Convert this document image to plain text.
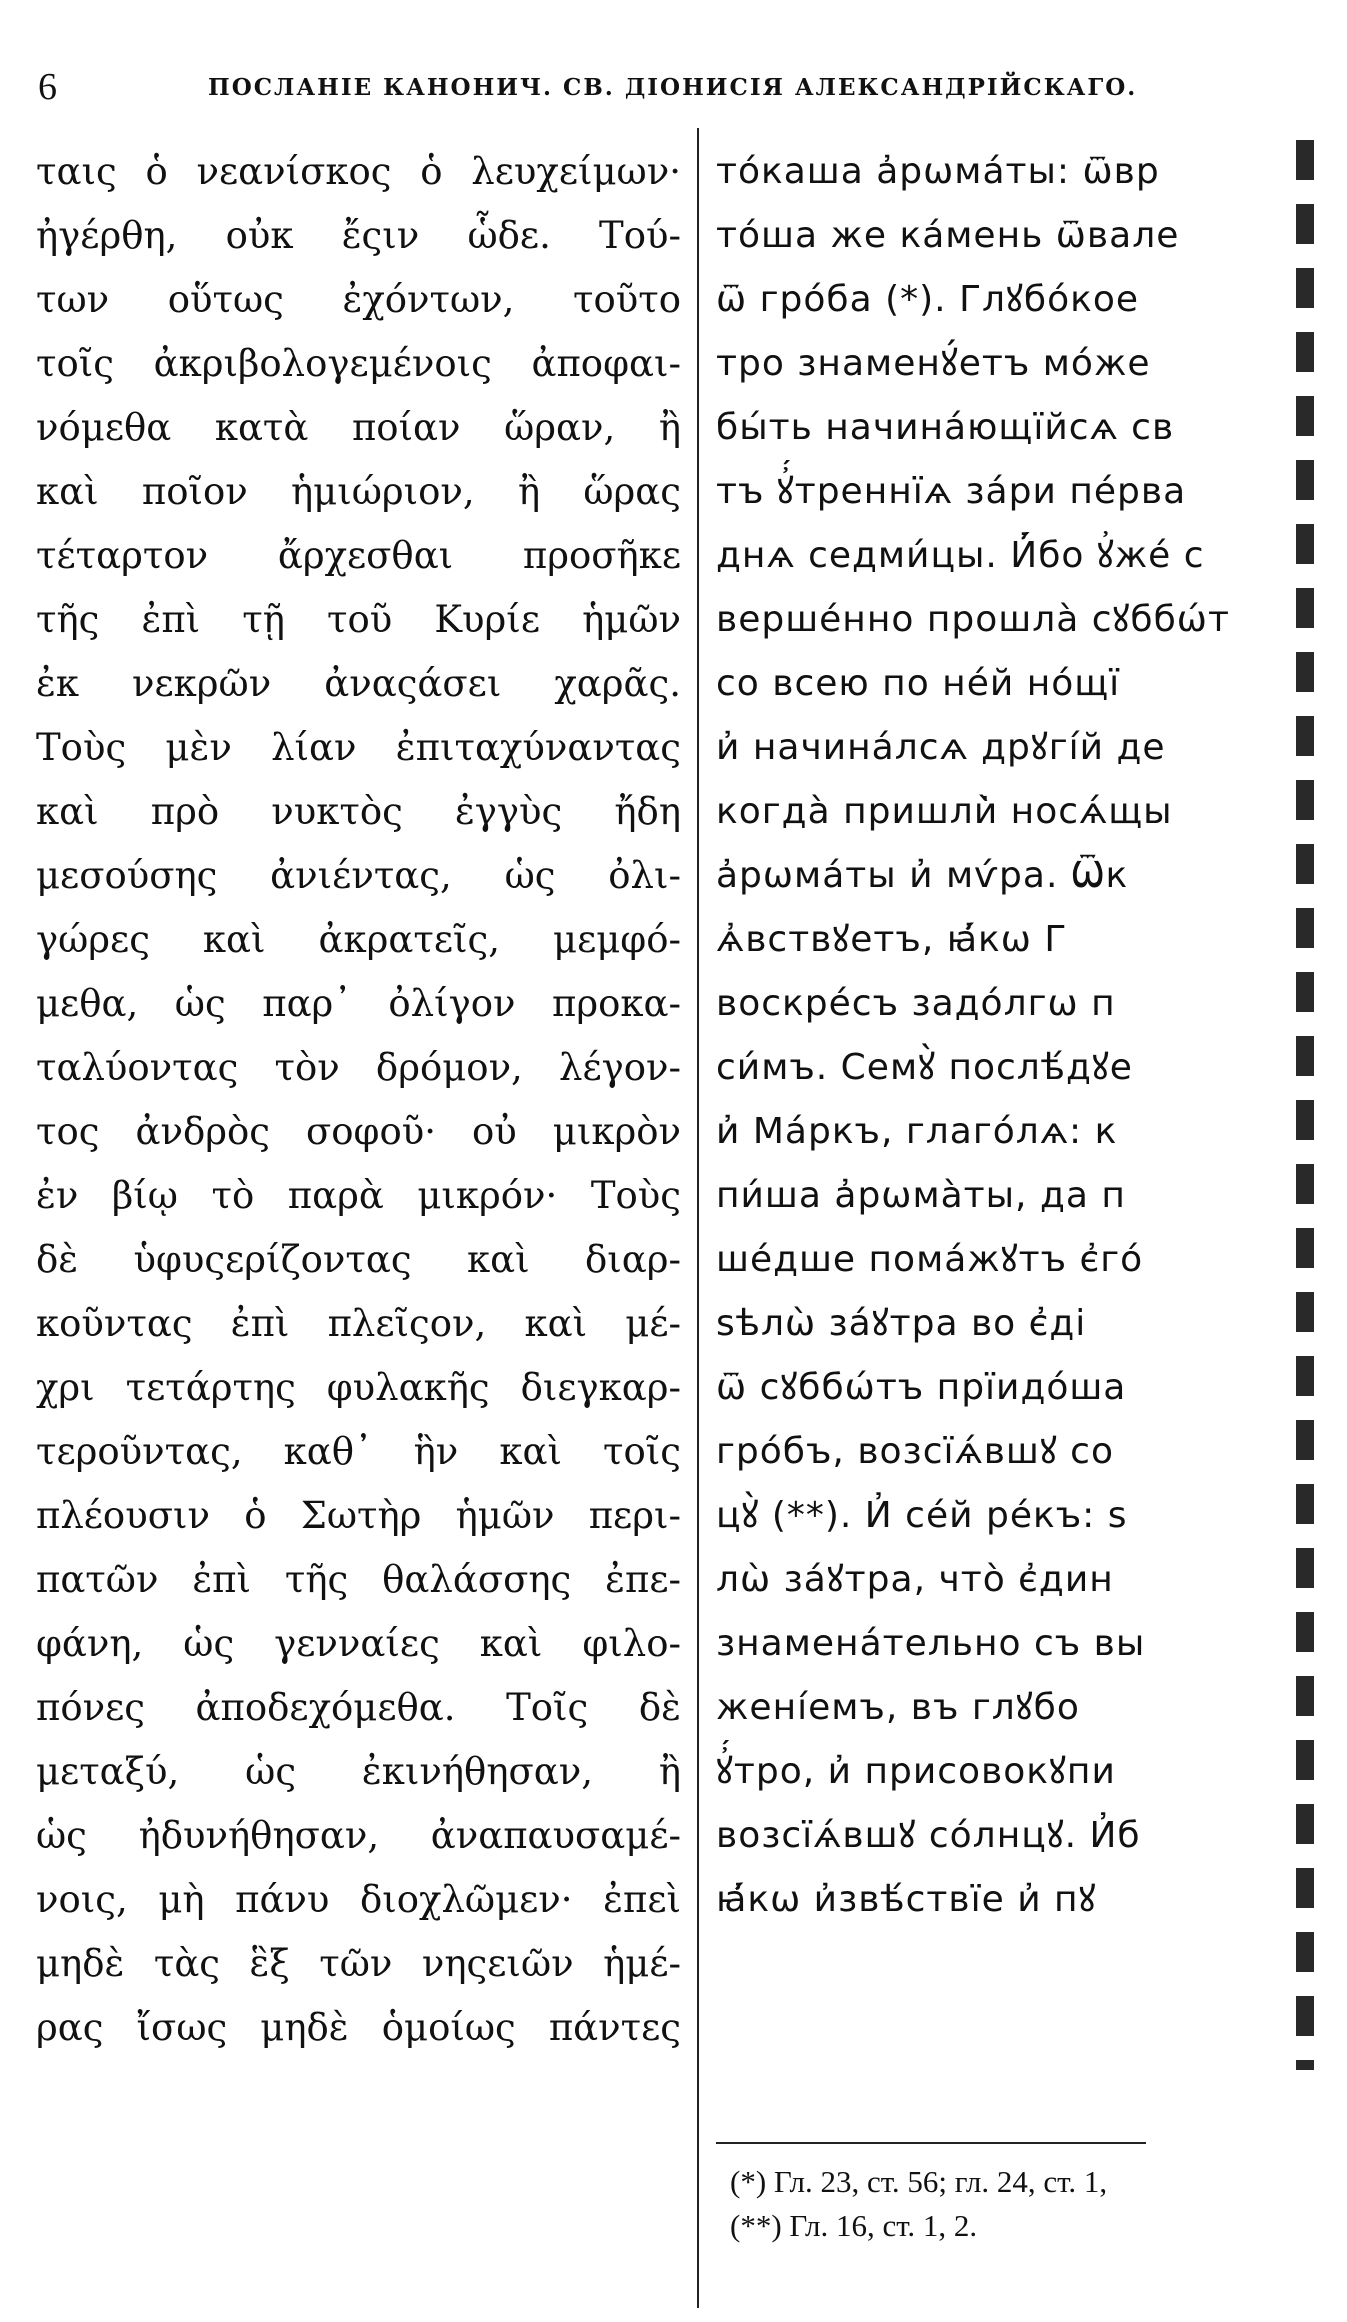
6	ПОСЛАНІЕ КАНОНИЧ. СВ. ДІОНИСІЯ АЛЕКСАНДРІЙСКАГО.
ταις ὁ νεανίσκος ὁ λευχείμων·
ἠγέρθη, οὐκ ἔςιν ὧδε. Τού-
των οὕτως ἐχόντων, τοῦτο
τοῖς ἀκριβολογεμένοις ἀποφαι-
νόμεθα κατὰ ποίαν ὥραν, ἢ
καὶ ποῖον ἡμιώριον, ἢ ὥρας
τέταρτον ἄρχεσθαι προσῆκε
τῆς ἐπὶ τῇ τοῦ Κυρίε ἡμῶν
ἐκ νεκρῶν ἀναςάσει χαρᾶς.
Τοὺς μὲν λίαν ἐπιταχύναντας
καὶ πρὸ νυκτὸς ἐγγὺς ἤδη
μεσούσης ἀνιέντας, ὡς ὀλι-
γώρες καὶ ἀκρατεῖς, μεμφό-
μεθα, ὡς παρ᾿ ὀλίγον προκα-
ταλύοντας τὸν δρόμον, λέγον-
τος ἀνδρὸς σοφοῦ· οὐ μικρὸν
ἐν βίῳ τὸ παρὰ μικρόν· Τοὺς
δὲ ὑφυςερίζοντας καὶ διαρ-
κοῦντας ἐπὶ πλεῖςον, καὶ μέ-
χρι τετάρτης φυλακῆς διεγκαρ-
τεροῦντας, καθ᾿ ἣν καὶ τοῖς
πλέουσιν ὁ Σωτὴρ ἡμῶν περι-
πατῶν ἐπὶ τῆς θαλάσσης ἐπε-
φάνη, ὡς γενναίες καὶ φιλο-
πόνες ἀποδεχόμεθα. Τοῖς δὲ
μεταξύ, ὡς ἐκινήθησαν, ἢ
ὡς ἠδυνήθησαν, ἀναπαυσαμέ-
νοις, μὴ πάνυ διοχλῶμεν· ἐπεὶ
μηδὲ τὰς ἓξ τῶν νηςειῶν ἡμέ-
ρας ἴσως μηδὲ ὁμοίως πάντες
то́каша а҆рѡма́ты: ѿвр
то́ша же ка́мень ѿвале
ѿ гро́ба (*). Глꙋбо́кое
тро знаменꙋ́етъ мо́же
бы́ть начина́ющїйсѧ св
тъ ꙋ҆́треннїѧ за́ри пе́рва
днѧ седми́цы. И҆́бо ꙋ҆же́ с
верше́нно прошла̀ сꙋббѡ́т
со всею по не́й но́щї
и҆ начина́лсѧ дрꙋгі́й де
когда̀ пришли̇̀ носѧ́щы
а҆рѡма́ты и҆ мѵ́ра. Ѿк
ѧ҆вствꙋетъ, ꙗ҆́кѡ Г
воскре́съ задо́лгѡ п
си́мъ. Семꙋ̀ послѣ́дꙋе
и҆ Ма́ркъ, глаго́лѧ: к
пи́ша а҆рѡма̀ты, да п
ше́дше пома́жꙋтъ є҆го́
ѕѣлѡ̀ за́ꙋтра во є҆ді
ѿ сꙋббѡ́тъ прїидо́ша
гро́бъ, возсїѧ́вшꙋ со
цꙋ̀ (**). И҆ се́й ре́къ: ѕ
лѡ̀ за́ꙋтра, что̀ є҆дин
знамена́тельно съ вы
жені́емъ, въ глꙋбо
ꙋ҆́тро, и҆ присовокꙋпи
возсїѧ́вшꙋ со́лнцꙋ. И҆б
ꙗ҆́кѡ и҆звѣ́ствїе и҆ пꙋ
(*) Гл. 23, ст. 56; гл. 24, ст. 1,
(**) Гл. 16, ст. 1, 2.
